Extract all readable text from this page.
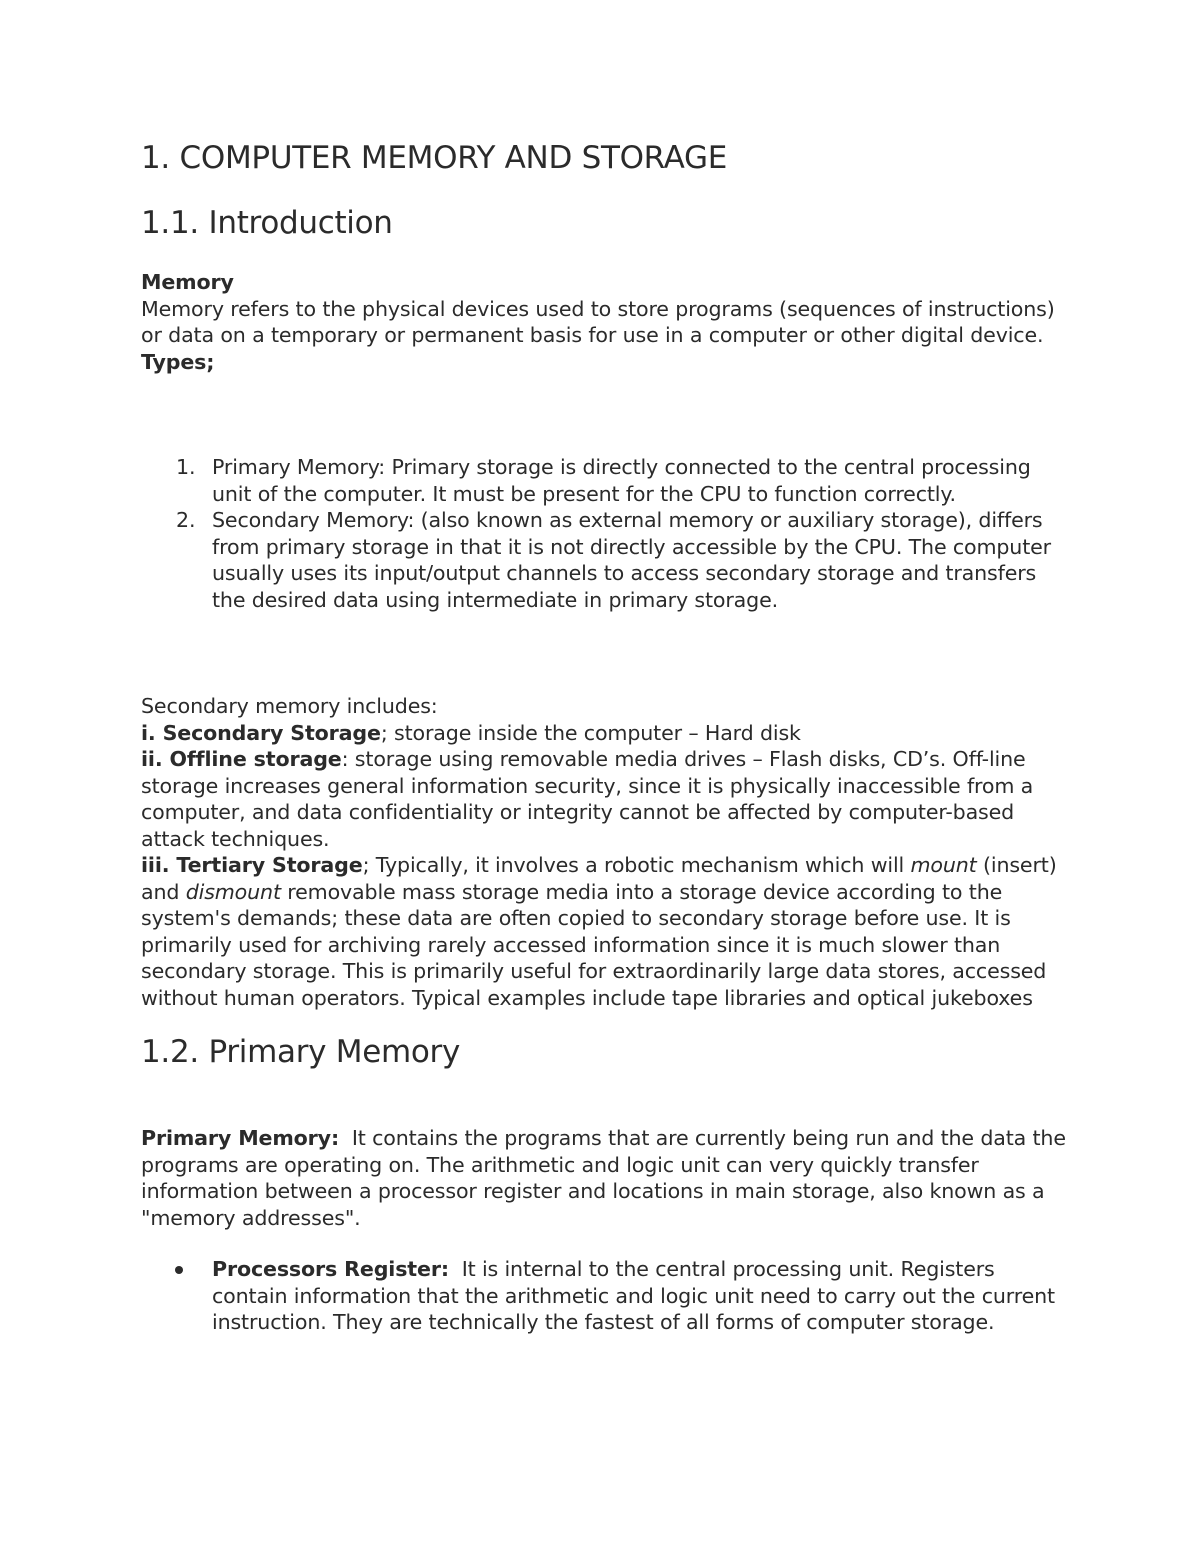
1. COMPUTER MEMORY AND STORAGE
1.1. Introduction

Memory

Memory refers to the physical devices used to store programs (sequences of instructions) or data on a temporary or permanent basis for use in a computer or other digital device.

Types;

Primary Memory: Primary storage is directly connected to the central processing unit of the computer. It must be present for the CPU to function correctly.
Secondary Memory: (also known as external memory or auxiliary storage), differs from primary storage in that it is not directly accessible by the CPU. The computer usually uses its input/output channels to access secondary storage and transfers the desired data using intermediate in primary storage.

Secondary memory includes:

i. Secondary Storage; storage inside the computer – Hard disk

ii. Offline storage: storage using removable media drives – Flash disks, CD’s. Off-line storage increases general information security, since it is physically inaccessible from a computer, and data confidentiality or integrity cannot be affected by computer-based attack techniques.

iii. Tertiary Storage; Typically, it involves a robotic mechanism which will mount (insert) and dismount removable mass storage media into a storage device according to the system's demands; these data are often copied to secondary storage before use. It is primarily used for archiving rarely accessed information since it is much slower than secondary storage. This is primarily useful for extraordinarily large data stores, accessed without human operators. Typical examples include tape libraries and optical jukeboxes

1.2. Primary Memory

Primary Memory:  It contains the programs that are currently being run and the data the programs are operating on. The arithmetic and logic unit can very quickly transfer information between a processor register and locations in main storage, also known as a "memory addresses".

Processors Register:  It is internal to the central processing unit. Registers contain information that the arithmetic and logic unit need to carry out the current instruction. They are technically the fastest of all forms of computer storage.
